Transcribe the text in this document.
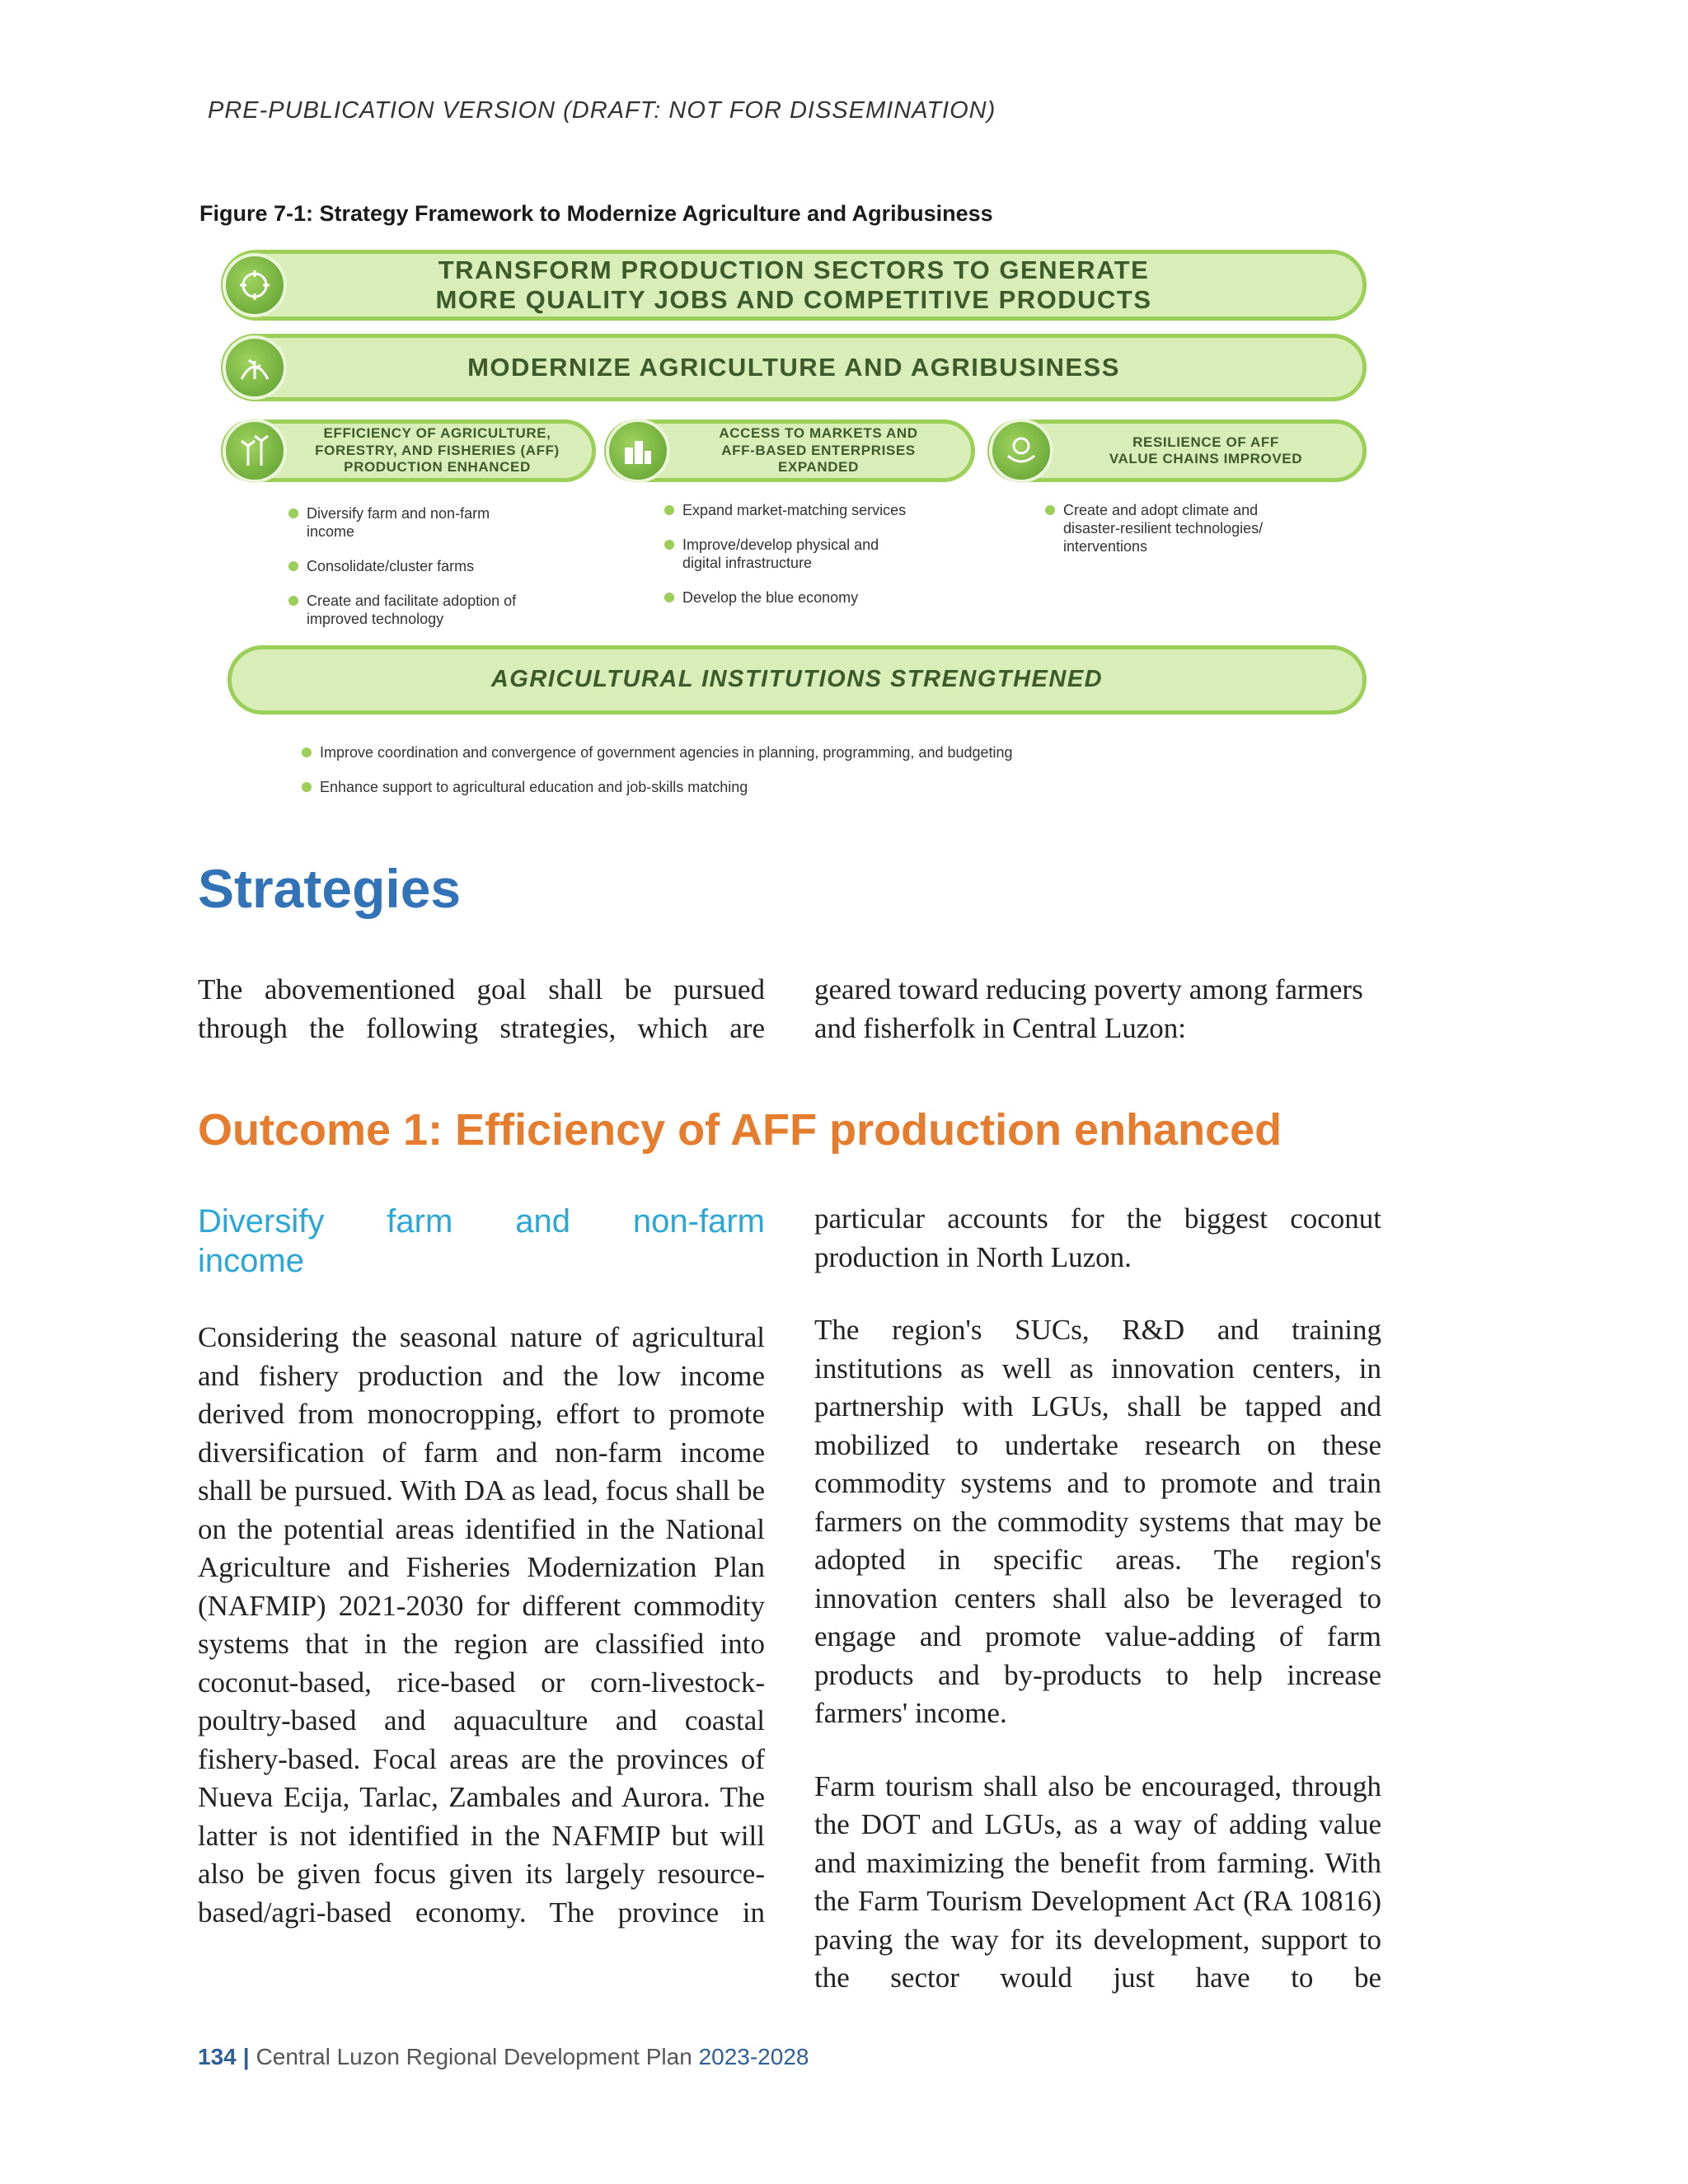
PRE-PUBLICATION VERSION (DRAFT: NOT FOR DISSEMINATION)
Figure 7-1: Strategy Framework to Modernize Agriculture and Agribusiness
TRANSFORM PRODUCTION SECTORS TO GENERATE
MORE QUALITY JOBS AND COMPETITIVE PRODUCTS
MODERNIZE AGRICULTURE AND AGRIBUSINESS
EFFICIENCY OF AGRICULTURE,
FORESTRY, AND FISHERIES (AFF)
PRODUCTION ENHANCED
ACCESS TO MARKETS AND
AFF-BASED ENTERPRISES
EXPANDED
RESILIENCE OF AFF
VALUE CHAINS IMPROVED
Diversify farm and non-farm
income
Consolidate/cluster farms
Create and facilitate adoption of
improved technology
Expand market-matching services
Improve/develop physical and
digital infrastructure
Develop the blue economy
Create and adopt climate and
disaster-resilient technologies/
interventions
AGRICULTURAL INSTITUTIONS STRENGTHENED
Improve coordination and convergence of government agencies in planning, programming, and budgeting
Enhance support to agricultural education and job-skills matching
Strategies

The abovementioned goal shall be pursued through the following strategies, which are

geared toward reducing poverty among farmers and fisherfolk in Central Luzon:

Outcome 1: Efficiency of AFF production enhanced
Diversify farm and non-farm
income

Considering the seasonal nature of agricultural and fishery production and the low income derived from monocropping, effort to promote diversification of farm and non-farm income shall be pursued. With DA as lead, focus shall be on the potential areas identified in the National Agriculture and Fisheries Modernization Plan (NAFMIP) 2021-2030 for different commodity systems that in the region are classified into coconut-based, rice-based or corn-livestock-poultry-based and aquaculture and coastal fishery-based. Focal areas are the provinces of Nueva Ecija, Tarlac, Zambales and Aurora. The latter is not identified in the NAFMIP but will also be given focus given its largely resource-based/agri-based economy. The province in

particular accounts for the biggest coconut production in North Luzon.

The region's SUCs, R&D and training institutions as well as innovation centers, in partnership with LGUs, shall be tapped and mobilized to undertake research on these commodity systems and to promote and train farmers on the commodity systems that may be adopted in specific areas. The region's innovation centers shall also be leveraged to engage and promote value-adding of farm products and by-products to help increase farmers' income.

Farm tourism shall also be encouraged, through the DOT and LGUs, as a way of adding value and maximizing the benefit from farming. With the Farm Tourism Development Act (RA 10816) paving the way for its development, support to the sector would just have to be

134 | Central Luzon Regional Development Plan 2023-2028
